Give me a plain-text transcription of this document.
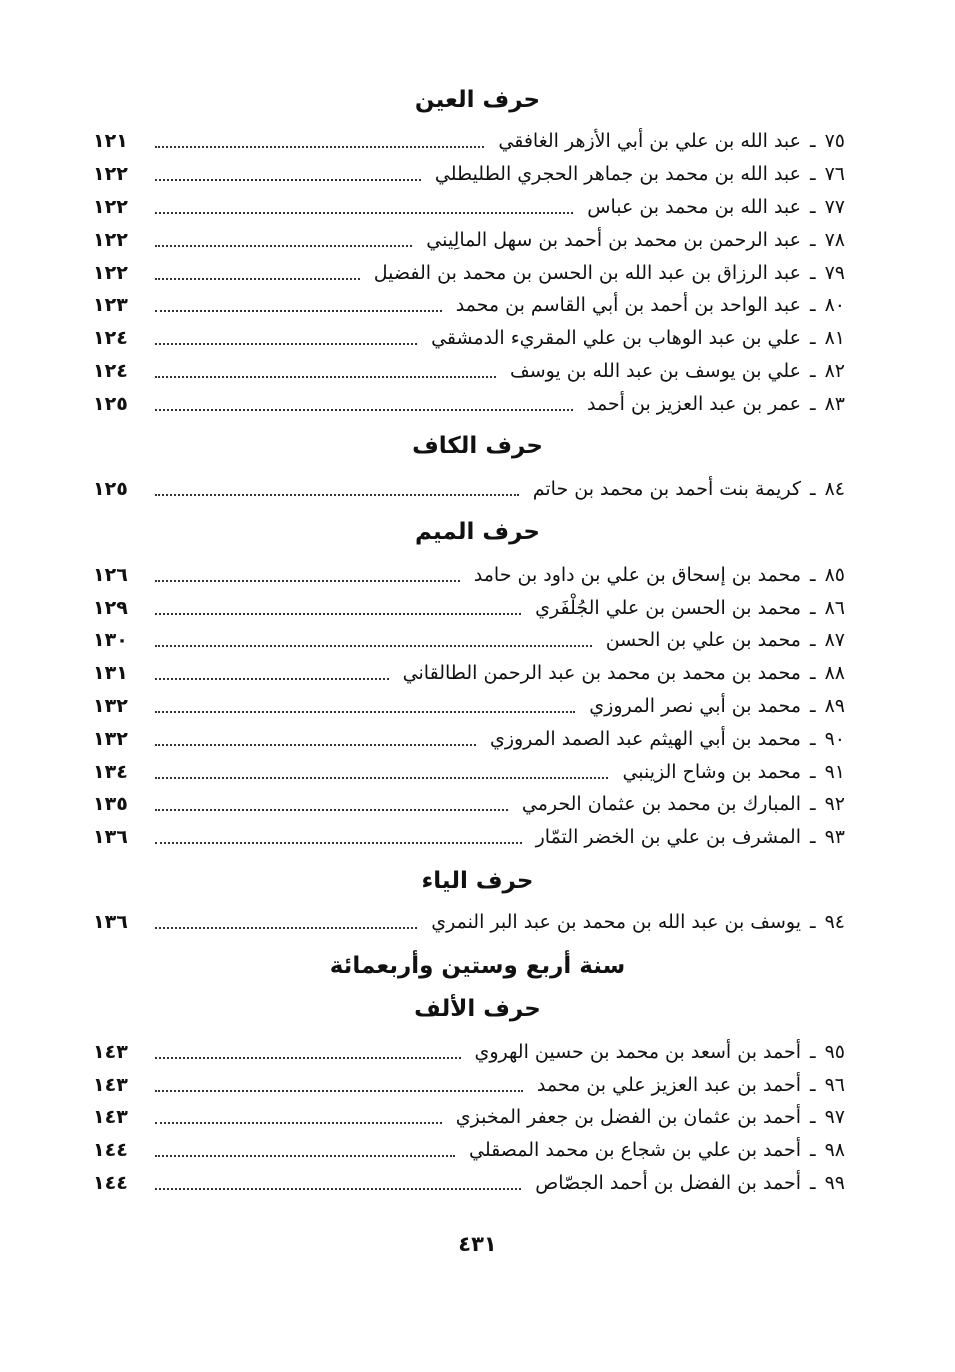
حرف العين
٧٥
ـ
عبد الله بن علي بن أبي الأزهر الغافقي
١٢١
٧٦
ـ
عبد الله بن محمد بن جماهر الحجري الطليطلي
١٢٢
٧٧
ـ
عبد الله بن محمد بن عباس
١٢٢
٧٨
ـ
عبد الرحمن بن محمد بن أحمد بن سهل المالِيني
١٢٢
٧٩
ـ
عبد الرزاق بن عبد الله بن الحسن بن محمد بن الفضيل
١٢٢
٨٠
ـ
عبد الواحد بن أحمد بن أبي القاسم بن محمد
١٢٣
٨١
ـ
علي بن عبد الوهاب بن علي المقريء الدمشقي
١٢٤
٨٢
ـ
علي بن يوسف بن عبد الله بن يوسف
١٢٤
٨٣
ـ
عمر بن عبد العزيز بن أحمد
١٢٥
حرف الكاف
٨٤
ـ
كريمة بنت أحمد بن محمد بن حاتم
١٢٥
حرف الميم
٨٥
ـ
محمد بن إسحاق بن علي بن داود بن حامد
١٢٦
٨٦
ـ
محمد بن الحسن بن علي الجُلْفَري
١٢٩
٨٧
ـ
محمد بن علي بن الحسن
١٣٠
٨٨
ـ
محمد بن محمد بن محمد بن عبد الرحمن الطالقاني
١٣١
٨٩
ـ
محمد بن أبي نصر المروزي
١٣٢
٩٠
ـ
محمد بن أبي الهيثم عبد الصمد المروزي
١٣٢
٩١
ـ
محمد بن وشاح الزينبي
١٣٤
٩٢
ـ
المبارك بن محمد بن عثمان الحرمي
١٣٥
٩٣
ـ
المشرف بن علي بن الخضر التمّار
١٣٦
حرف الياء
٩٤
ـ
يوسف بن عبد الله بن محمد بن عبد البر النمري
١٣٦
سنة أربع وستين وأربعمائة
حرف الألف
٩٥
ـ
أحمد بن أسعد بن محمد بن حسين الهروي
١٤٣
٩٦
ـ
أحمد بن عبد العزيز علي بن محمد
١٤٣
٩٧
ـ
أحمد بن عثمان بن الفضل بن جعفر المخبزي
١٤٣
٩٨
ـ
أحمد بن علي بن شجاع بن محمد المصقلي
١٤٤
٩٩
ـ
أحمد بن الفضل بن أحمد الجصّاص
١٤٤
٤٣١
